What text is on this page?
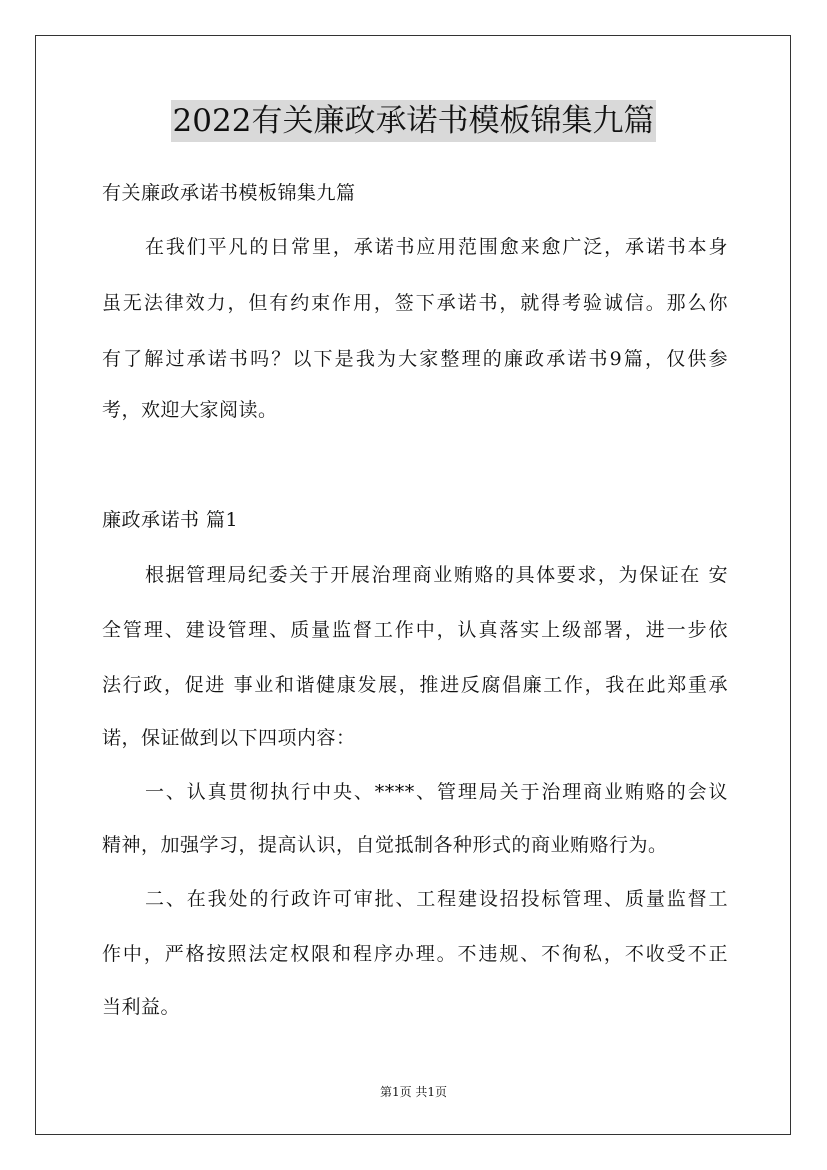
2022有关廉政承诺书模板锦集九篇
有关廉政承诺书模板锦集九篇
在我们平凡的日常里，承诺书应用范围愈来愈广泛，承诺书本身
虽无法律效力，但有约束作用，签下承诺书，就得考验诚信。那么你
有了解过承诺书吗？以下是我为大家整理的廉政承诺书9篇，仅供参
考，欢迎大家阅读。
廉政承诺书 篇1
根据管理局纪委关于开展治理商业贿赂的具体要求，为保证在 安
全管理、建设管理、质量监督工作中，认真落实上级部署，进一步依
法行政，促进 事业和谐健康发展，推进反腐倡廉工作，我在此郑重承
诺，保证做到以下四项内容：
一、认真贯彻执行中央、****、管理局关于治理商业贿赂的会议
精神，加强学习，提高认识，自觉抵制各种形式的商业贿赂行为。
二、在我处的行政许可审批、工程建设招投标管理、质量监督工
作中，严格按照法定权限和程序办理。不违规、不徇私，不收受不正
当利益。
第1页 共1页
